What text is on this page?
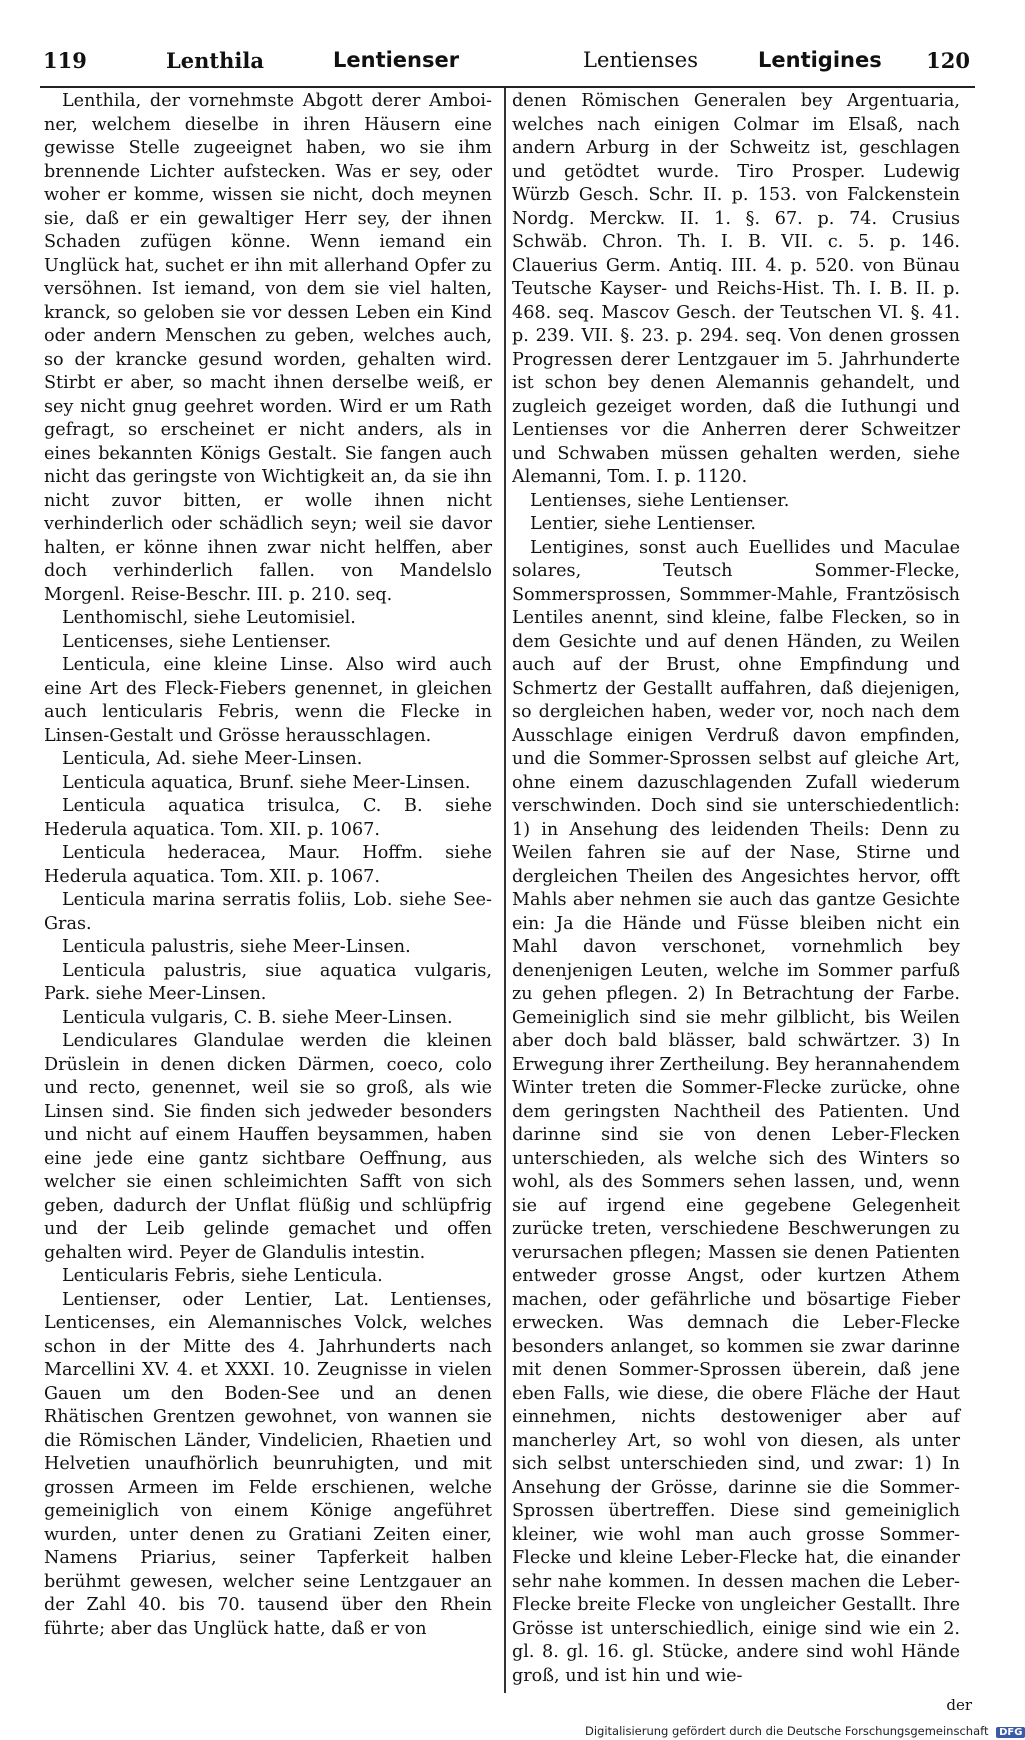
119	Lenthila	Lentienser	Lentienses	Lentigines 120

Lenthila, der vornehmste Abgott derer Amboi-ner, welchem dieselbe in ihren Häusern eine gewisse Stelle zugeeignet haben, wo sie ihm brennende Lichter aufstecken. Was er sey, oder woher er komme, wissen sie nicht, doch meynen sie, daß er ein gewaltiger Herr sey, der ihnen Schaden zufügen könne. Wenn iemand ein Unglück hat, suchet er ihn mit allerhand Opfer zu versöhnen. Ist iemand, von dem sie viel halten, kranck, so geloben sie vor dessen Leben ein Kind oder andern Menschen zu geben, welches auch, so der krancke gesund worden, gehalten wird. Stirbt er aber, so macht ihnen derselbe weiß, er sey nicht gnug geehret worden. Wird er um Rath gefragt, so erscheinet er nicht anders, als in eines bekannten Königs Gestalt. Sie fangen auch nicht das geringste von Wichtigkeit an, da sie ihn nicht zuvor bitten, er wolle ihnen nicht verhinderlich oder schädlich seyn; weil sie davor halten, er könne ihnen zwar nicht helffen, aber doch verhinderlich fallen. von Mandelslo Morgenl. Reise-Beschr. III. p. 210. seq.

Lenthomischl, siehe Leutomisiel.

Lenticenses, siehe Lentienser.

Lenticula, eine kleine Linse. Also wird auch eine Art des Fleck-Fiebers genennet, in gleichen auch lenticularis Febris, wenn die Flecke in Linsen-Gestalt und Grösse herausschlagen.

Lenticula, Ad. siehe Meer-Linsen.

Lenticula aquatica, Brunf. siehe Meer-Linsen.

Lenticula aquatica trisulca, C. B. siehe Hederula aquatica. Tom. XII. p. 1067.

Lenticula hederacea, Maur. Hoffm. siehe Hederula aquatica. Tom. XII. p. 1067.

Lenticula marina serratis foliis, Lob. siehe See-Gras.

Lenticula palustris, siehe Meer-Linsen.

Lenticula palustris, siue aquatica vulgaris, Park. siehe Meer-Linsen.

Lenticula vulgaris, C. B. siehe Meer-Linsen.

Lendiculares Glandulae werden die kleinen Drüslein in denen dicken Därmen, coeco, colo und recto, genennet, weil sie so groß, als wie Linsen sind. Sie finden sich jedweder besonders und nicht auf einem Hauffen beysammen, haben eine jede eine gantz sichtbare Oeffnung, aus welcher sie einen schleimichten Safft von sich geben, dadurch der Unflat flüßig und schlüpfrig und der Leib gelinde gemachet und offen gehalten wird. Peyer de Glandulis intestin.

Lenticularis Febris, siehe Lenticula.

Lentienser, oder Lentier, Lat. Lentienses, Lenticenses, ein Alemannisches Volck, welches schon in der Mitte des 4. Jahrhunderts nach Marcellini XV. 4. et XXXI. 10. Zeugnisse in vielen Gauen um den Boden-See und an denen Rhätischen Grentzen gewohnet, von wannen sie die Römischen Länder, Vindelicien, Rhaetien und Helvetien unaufhörlich beunruhigten, und mit grossen Armeen im Felde erschienen, welche gemeiniglich von einem Könige angeführet wurden, unter denen zu Gratiani Zeiten einer, Namens Priarius, seiner Tapferkeit halben berühmt gewesen, welcher seine Lentzgauer an der Zahl 40. bis 70. tausend über den Rhein führte; aber das Unglück hatte, daß er von

denen Römischen Generalen bey Argentuaria, welches nach einigen Colmar im Elsaß, nach andern Arburg in der Schweitz ist, geschlagen und getödtet wurde. Tiro Prosper. Ludewig Würzb Gesch. Schr. II. p. 153. von Falckenstein Nordg. Merckw. II. 1. §. 67. p. 74. Crusius Schwäb. Chron. Th. I. B. VII. c. 5. p. 146. Clauerius Germ. Antiq. III. 4. p. 520. von Bünau Teutsche Kayser- und Reichs-Hist. Th. I. B. II. p. 468. seq. Mascov Gesch. der Teutschen VI. §. 41. p. 239. VII. §. 23. p. 294. seq. Von denen grossen Progressen derer Lentzgauer im 5. Jahrhunderte ist schon bey denen Alemannis gehandelt, und zugleich gezeiget worden, daß die Iuthungi und Lentienses vor die Anherren derer Schweitzer und Schwaben müssen gehalten werden, siehe Alemanni, Tom. I. p. 1120.

Lentienses, siehe Lentienser.

Lentier, siehe Lentienser.

Lentigines, sonst auch Euellides und Maculae solares, Teutsch Sommer-Flecke, Sommersprossen, Sommmer-Mahle, Frantzösisch Lentiles anennt, sind kleine, falbe Flecken, so in dem Gesichte und auf denen Händen, zu Weilen auch auf der Brust, ohne Empfindung und Schmertz der Gestallt auffahren, daß diejenigen, so dergleichen haben, weder vor, noch nach dem Ausschlage einigen Verdruß davon empfinden, und die Sommer-Sprossen selbst auf gleiche Art, ohne einem dazuschlagenden Zufall wiederum verschwinden. Doch sind sie unterschiedentlich: 1) in Ansehung des leidenden Theils: Denn zu Weilen fahren sie auf der Nase, Stirne und dergleichen Theilen des Angesichtes hervor, offt Mahls aber nehmen sie auch das gantze Gesichte ein: Ja die Hände und Füsse bleiben nicht ein Mahl davon verschonet, vornehmlich bey denenjenigen Leuten, welche im Sommer parfuß zu gehen pflegen. 2) In Betrachtung der Farbe. Gemeiniglich sind sie mehr gilblicht, bis Weilen aber doch bald blässer, bald schwärtzer. 3) In Erwegung ihrer Zertheilung. Bey herannahendem Winter treten die Sommer-Flecke zurücke, ohne dem geringsten Nachtheil des Patienten. Und darinne sind sie von denen Leber-Flecken unterschieden, als welche sich des Winters so wohl, als des Sommers sehen lassen, und, wenn sie auf irgend eine gegebene Gelegenheit zurücke treten, verschiedene Beschwerungen zu verursachen pflegen; Massen sie denen Patienten entweder grosse Angst, oder kurtzen Athem machen, oder gefährliche und bösartige Fieber erwecken. Was demnach die Leber-Flecke besonders anlanget, so kommen sie zwar darinne mit denen Sommer-Sprossen überein, daß jene eben Falls, wie diese, die obere Fläche der Haut einnehmen, nichts destoweniger aber auf mancherley Art, so wohl von diesen, als unter sich selbst unterschieden sind, und zwar: 1) In Ansehung der Grösse, darinne sie die Sommer-Sprossen übertreffen. Diese sind gemeiniglich kleiner, wie wohl man auch grosse Sommer-Flecke und kleine Leber-Flecke hat, die einander sehr nahe kommen. In dessen machen die Leber-Flecke breite Flecke von ungleicher Gestallt. Ihre Grösse ist unterschiedlich, einige sind wie ein 2. gl. 8. gl. 16. gl. Stücke, andere sind wohl Hände groß, und ist hin und wie-

der
Digitalisierung gefördert durch die Deutsche Forschungsgemeinschaft DFG
